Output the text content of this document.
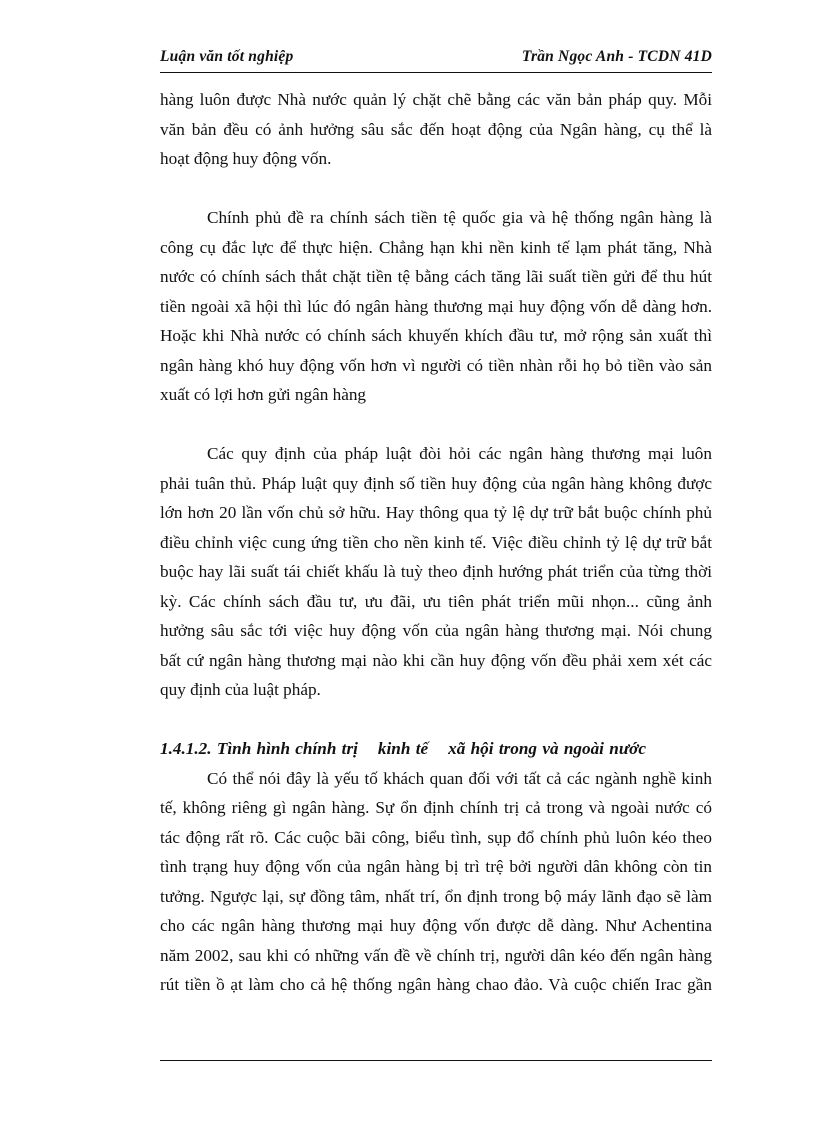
Luận văn tốt nghiệp	Trần Ngọc Anh - TCDN 41D
hàng luôn được Nhà nước quản lý chặt chẽ bằng các văn bản pháp quy. Mỗi
văn bản đều có ảnh hưởng sâu sắc đến hoạt động của Ngân hàng, cụ thể là
hoạt động huy động vốn.
Chính phủ đề ra chính sách tiền tệ quốc gia và hệ thống ngân hàng là
công cụ đắc lực để thực hiện. Chẳng hạn khi nền kinh tế lạm phát tăng, Nhà
nước có chính sách thắt chặt tiền tệ bằng cách tăng lãi suất tiền gửi để thu hút
tiền ngoài xã hội thì lúc đó ngân hàng thương mại huy động vốn dễ dàng hơn.
Hoặc khi Nhà nước có chính sách khuyến khích đầu tư, mở rộng sản xuất thì
ngân hàng khó huy động vốn hơn vì người có tiền nhàn rỗi họ bỏ tiền vào sản
xuất có lợi hơn gửi ngân hàng
Các quy định của pháp luật đòi hỏi các ngân hàng thương mại luôn
phải tuân thủ. Pháp luật quy định số tiền huy động của ngân hàng không được
lớn hơn 20 lần vốn chủ sở hữu. Hay thông qua tỷ lệ dự trữ bắt buộc chính phủ
điều chỉnh việc cung ứng tiền cho nền kinh tế. Việc điều chỉnh tỷ lệ dự trữ bắt
buộc hay lãi suất tái chiết khấu là tuỳ theo định hướng phát triển của từng thời
kỳ. Các chính sách đầu tư, ưu đãi, ưu tiên phát triển mũi nhọn... cũng ảnh
hưởng sâu sắc tới việc huy động vốn của ngân hàng thương mại. Nói chung
bất cứ ngân hàng thương mại nào khi cần huy động vốn đều phải xem xét các
quy định của luật pháp.
1.4.1.2. Tình hình chính trị kinh tế xã hội trong và ngoài nước
Có thể nói đây là yếu tố khách quan đối với tất cả các ngành nghề kinh
tế, không riêng gì ngân hàng. Sự ổn định chính trị cả trong và ngoài nước có
tác động rất rõ. Các cuộc bãi công, biểu tình, sụp đổ chính phủ luôn kéo theo
tình trạng huy động vốn của ngân hàng bị trì trệ bởi người dân không còn tin
tưởng. Ngược lại, sự đồng tâm, nhất trí, ổn định trong bộ máy lãnh đạo sẽ làm
cho các ngân hàng thương mại huy động vốn được dễ dàng. Như Achentina
năm 2002, sau khi có những vấn đề về chính trị, người dân kéo đến ngân hàng
rút tiền ồ ạt làm cho cả hệ thống ngân hàng chao đảo. Và cuộc chiến Irac gần
